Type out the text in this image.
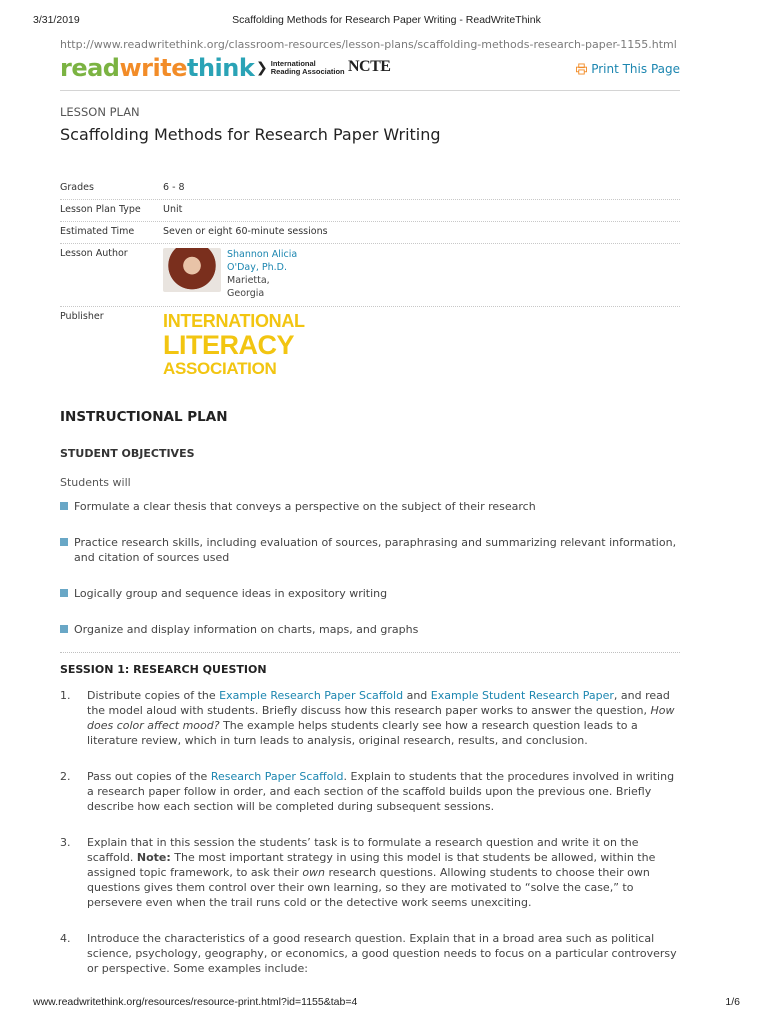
3/31/2019	Scaffolding Methods for Research Paper Writing - ReadWriteThink
http://www.readwritethink.org/classroom-resources/lesson-plans/scaffolding-methods-research-paper-1155.html
readwritethink ❯ International
Reading Association NCTE	Print This Page
LESSON PLAN
Scaffolding Methods for Research Paper Writing
Grades	6 - 8
Lesson Plan Type	Unit
Estimated Time	Seven or eight 60-minute sessions
Lesson Author	Shannon Alicia
O'Day, Ph.D.
Marietta,
Georgia
Publisher	INTERNATIONAL
LITERACY
ASSOCIATION
INSTRUCTIONAL PLAN
STUDENT OBJECTIVES
Students will
Formulate a clear thesis that conveys a perspective on the subject of their research
Practice research skills, including evaluation of sources, paraphrasing and summarizing relevant information, and citation of sources used
Logically group and sequence ideas in expository writing
Organize and display information on charts, maps, and graphs
SESSION 1: RESEARCH QUESTION
1.	Distribute copies of the Example Research Paper Scaffold and Example Student Research Paper, and read the model aloud with students. Briefly discuss how this research paper works to answer the question, How does color affect mood? The example helps students clearly see how a research question leads to a literature review, which in turn leads to analysis, original research, results, and conclusion.
2.	Pass out copies of the Research Paper Scaffold. Explain to students that the procedures involved in writing a research paper follow in order, and each section of the scaffold builds upon the previous one. Briefly describe how each section will be completed during subsequent sessions.
3.	Explain that in this session the students’ task is to formulate a research question and write it on the scaffold. Note: The most important strategy in using this model is that students be allowed, within the assigned topic framework, to ask their own research questions. Allowing students to choose their own questions gives them control over their own learning, so they are motivated to “solve the case,” to persevere even when the trail runs cold or the detective work seems unexciting.
4.	Introduce the characteristics of a good research question. Explain that in a broad area such as political science, psychology, geography, or economics, a good question needs to focus on a particular controversy or perspective. Some examples include:
www.readwritethink.org/resources/resource-print.html?id=1155&tab=4	1/6
